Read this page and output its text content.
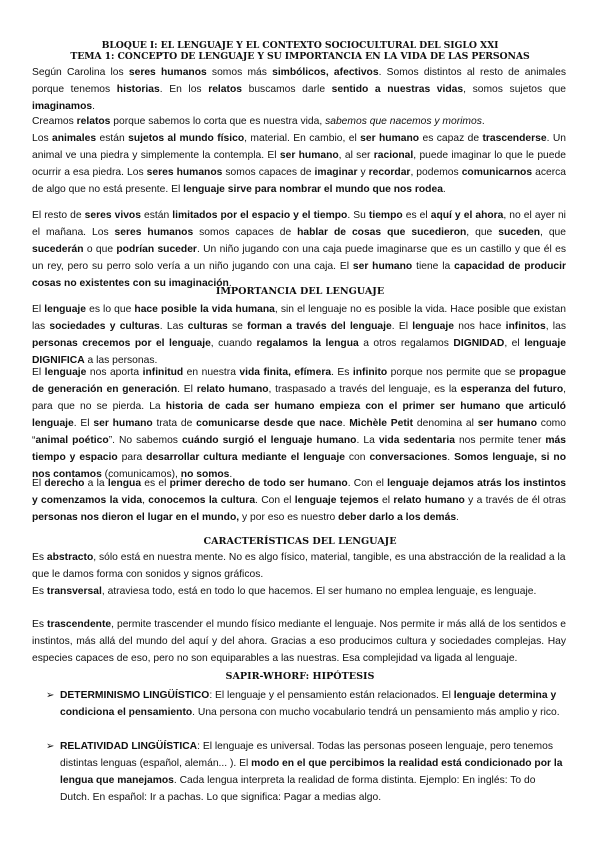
BLOQUE I: EL LENGUAJE Y EL CONTEXTO SOCIOCULTURAL DEL SIGLO XXI
TEMA 1: CONCEPTO DE LENGUAJE Y SU IMPORTANCIA EN LA VIDA DE LAS PERSONAS

Según Carolina los seres humanos somos más simbólicos, afectivos. Somos distintos al resto de animales porque tenemos historias. En los relatos buscamos darle sentido a nuestras vidas, somos sujetos que imaginamos.

Creamos relatos porque sabemos lo corta que es nuestra vida, sabemos que nacemos y morimos.

Los animales están sujetos al mundo físico, material. En cambio, el ser humano es capaz de trascenderse. Un animal ve una piedra y simplemente la contempla. El ser humano, al ser racional, puede imaginar lo que le puede ocurrir a esa piedra. Los seres humanos somos capaces de imaginar y recordar, podemos comunicarnos acerca de algo que no está presente. El lenguaje sirve para nombrar el mundo que nos rodea.

El resto de seres vivos están limitados por el espacio y el tiempo. Su tiempo es el aquí y el ahora, no el ayer ni el mañana. Los seres humanos somos capaces de hablar de cosas que sucedieron, que suceden, que sucederán o que podrían suceder. Un niño jugando con una caja puede imaginarse que es un castillo y que él es un rey, pero su perro solo vería a un niño jugando con una caja. El ser humano tiene la capacidad de producir cosas no existentes con su imaginación.

IMPORTANCIA DEL LENGUAJE

El lenguaje es lo que hace posible la vida humana, sin el lenguaje no es posible la vida. Hace posible que existan las sociedades y culturas. Las culturas se forman a través del lenguaje. El lenguaje nos hace infinitos, las personas crecemos por el lenguaje, cuando regalamos la lengua a otros regalamos DIGNIDAD, el lenguaje DIGNIFICA a las personas.

El lenguaje nos aporta infinitud en nuestra vida finita, efímera. Es infinito porque nos permite que se propague de generación en generación. El relato humano, traspasado a través del lenguaje, es la esperanza del futuro, para que no se pierda. La historia de cada ser humano empieza con el primer ser humano que articuló lenguaje. El ser humano trata de comunicarse desde que nace. Michèle Petit denomina al ser humano como “animal poético”. No sabemos cuándo surgió el lenguaje humano. La vida sedentaria nos permite tener más tiempo y espacio para desarrollar cultura mediante el lenguaje con conversaciones. Somos lenguaje, si no nos contamos (comunicamos), no somos.

El derecho a la lengua es el primer derecho de todo ser humano. Con el lenguaje dejamos atrás los instintos y comenzamos la vida, conocemos la cultura. Con el lenguaje tejemos el relato humano y a través de él otras personas nos dieron el lugar en el mundo, y por eso es nuestro deber darlo a los demás.

CARACTERÍSTICAS DEL LENGUAJE

Es abstracto, sólo está en nuestra mente. No es algo físico, material, tangible, es una abstracción de la realidad a la que le damos forma con sonidos y signos gráficos.

Es transversal, atraviesa todo, está en todo lo que hacemos. El ser humano no emplea lenguaje, es lenguaje.

Es trascendente, permite trascender el mundo físico mediante el lenguaje. Nos permite ir más allá de los sentidos e instintos, más allá del mundo del aquí y del ahora. Gracias a eso producimos cultura y sociedades complejas. Hay especies capaces de eso, pero no son equiparables a las nuestras. Esa complejidad va ligada al lenguaje.

SAPIR-WHORF: HIPÓTESIS
➢ DETERMINISMO LINGÜÍSTICO: El lenguaje y el pensamiento están relacionados. El lenguaje determina y condiciona el pensamiento. Una persona con mucho vocabulario tendrá un pensamiento más amplio y rico.
➢ RELATIVIDAD LINGÜÍSTICA: El lenguaje es universal. Todas las personas poseen lenguaje, pero tenemos distintas lenguas (español, alemán... ). El modo en el que percibimos la realidad está condicionado por la lengua que manejamos. Cada lengua interpreta la realidad de forma distinta. Ejemplo: En inglés: To do Dutch. En español: Ir a pachas. Lo que significa: Pagar a medias algo.
